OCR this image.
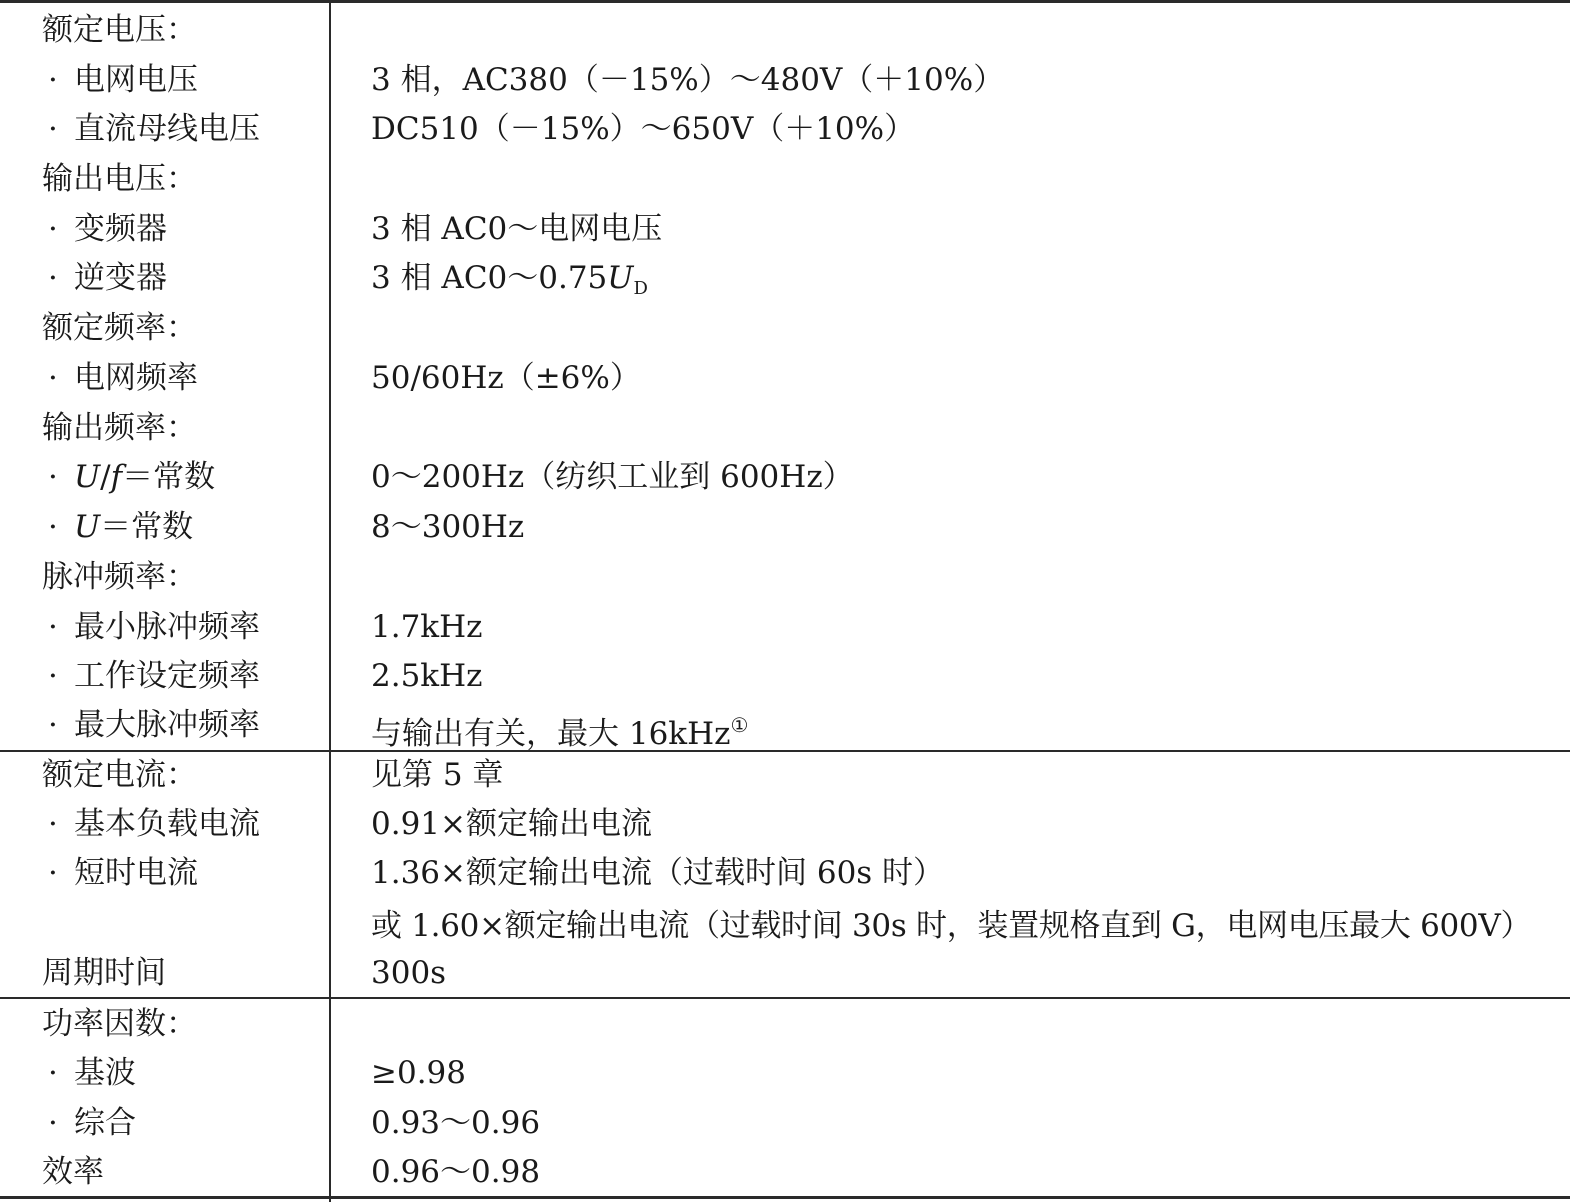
额定电压：
· 电网电压	3 相，AC380（－15%）～480V（＋10%）
· 直流母线电压	DC510（－15%）～650V（＋10%）
输出电压：
· 变频器	3 相 AC0～电网电压
· 逆变器	3 相 $AC0\sim 0.75U_D$
额定频率：
· 电网频率	50/60Hz（±6%）
输出频率：
· U/f＝常数	0～200Hz（纺织工业到 600Hz）
· U＝常数	8～300Hz
脉冲频率：
· 最小脉冲频率	1.7kHz
· 工作设定频率	2.5kHz
· 最大脉冲频率	与输出有关，最大 16kHz①
额定电流：	见第 5 章
· 基本负载电流	0.91×额定输出电流
· 短时电流	1.36×额定输出电流（过载时间 60s 时）
或 1.60×额定输出电流（过载时间 30s 时，装置规格直到 G，电网电压最大 600V）
周期时间	300s
功率因数：
· 基波	≥0.98
· 综合	0.93～0.96
效率	0.96～0.98
